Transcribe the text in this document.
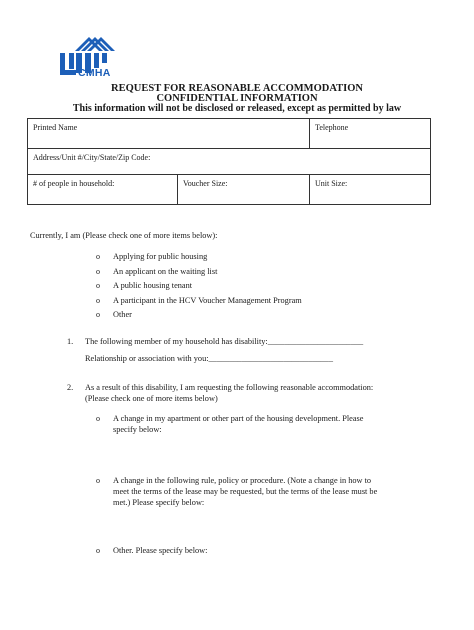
CMHA
REQUEST FOR REASONABLE ACCOMMODATION
CONFIDENTIAL INFORMATION
This information will not be disclosed or released, except as permitted by law
Printed Name		Telephone
Address/Unit #/City/State/Zip Code:		
# of people in household:	Voucher Size:	Unit Size:
Currently, I am (Please check one of more items below):
o Applying for public housing
o An applicant on the waiting list
o A public housing tenant
o A participant in the HCV Voucher Management Program
o Other
1. The following member of my household has disability:_______________________
Relationship or association with you:______________________________
2. As a result of this disability, I am requesting the following reasonable accommodation:
(Please check one of more items below)
o A change in my apartment or other part of the housing development. Please
specify below:
o A change in the following rule, policy or procedure. (Note a change in how to
meet the terms of the lease may be requested, but the terms of the lease must be
met.) Please specify below:
o Other. Please specify below:
